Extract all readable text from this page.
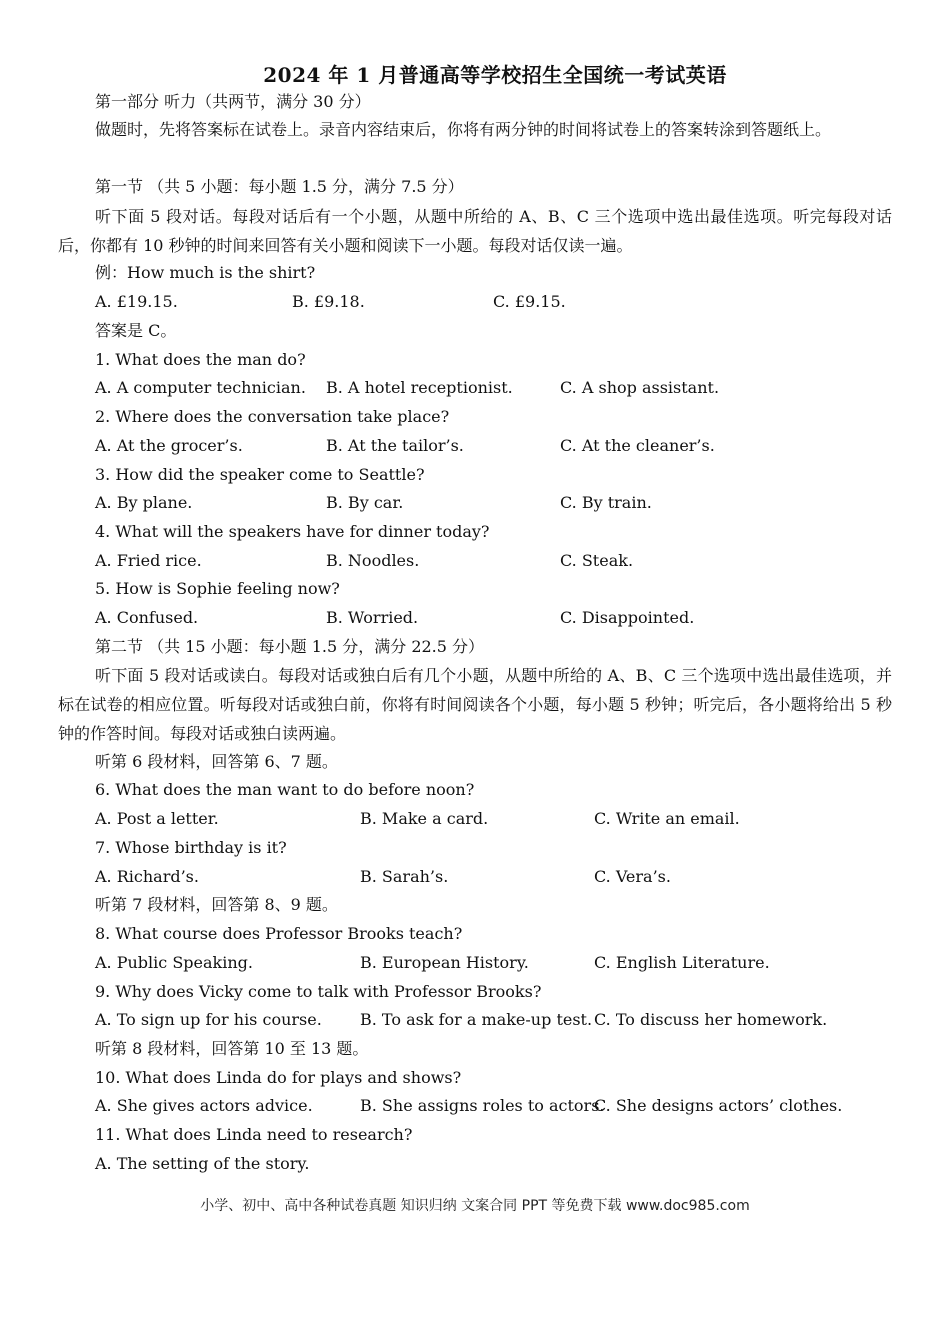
2024 年 1 月普通高等学校招生全国统一考试英语
第一部分 听力（共两节，满分 30 分）
做题时，先将答案标在试卷上。录音内容结束后，你将有两分钟的时间将试卷上的答案转涂到答题纸上。
第一节 （共 5 小题：每小题 1.5 分，满分 7.5 分）
听下面 5 段对话。每段对话后有一个小题，从题中所给的 A、B、C 三个选项中选出最佳选项。听完每段对话后，你都有 10 秒钟的时间来回答有关小题和阅读下一小题。每段对话仅读一遍。
例：How much is the shirt?
A. £19.15.	B. £9.18.	C. £9.15.
答案是 C。
1. What does the man do?
A. A computer technician. B. A hotel receptionist.	C. A shop assistant.
2. Where does the conversation take place?
A. At the grocer’s.	B. At the tailor’s.	C. At the cleaner’s.
3. How did the speaker come to Seattle?
A. By plane.	B. By car.	C. By train.
4. What will the speakers have for dinner today?
A. Fried rice.	B. Noodles.	C. Steak.
5. How is Sophie feeling now?
A. Confused.	B. Worried.	C. Disappointed.
第二节 （共 15 小题：每小题 1.5 分，满分 22.5 分）
听下面 5 段对话或读白。每段对话或独白后有几个小题，从题中所给的 A、B、C 三个选项中选出最佳选项，并标在试卷的相应位置。听每段对话或独白前，你将有时间阅读各个小题，每小题 5 秒钟；听完后，各小题将给出 5 秒钟的作答时间。每段对话或独白读两遍。
听第 6 段材料，回答第 6、7 题。
6. What does the man want to do before noon?
A. Post a letter.	B. Make a card.	C. Write an email.
7. Whose birthday is it?
A. Richard’s.	B. Sarah’s.	C. Vera’s.
听第 7 段材料，回答第 8、9 题。
8. What course does Professor Brooks teach?
A. Public Speaking.	B. European History.	C. English Literature.
9. Why does Vicky come to talk with Professor Brooks?
A. To sign up for his course. B. To ask for a make-up test. C. To discuss her homework.
听第 8 段材料，回答第 10 至 13 题。
10. What does Linda do for plays and shows?
A. She gives actors advice.	B. She assigns roles to actors.
C. She designs actors’ clothes.
11. What does Linda need to research?
A. The setting of the story.
小学、初中、高中各种试卷真题 知识归纳 文案合同 PPT 等免费下载 www.doc985.com
